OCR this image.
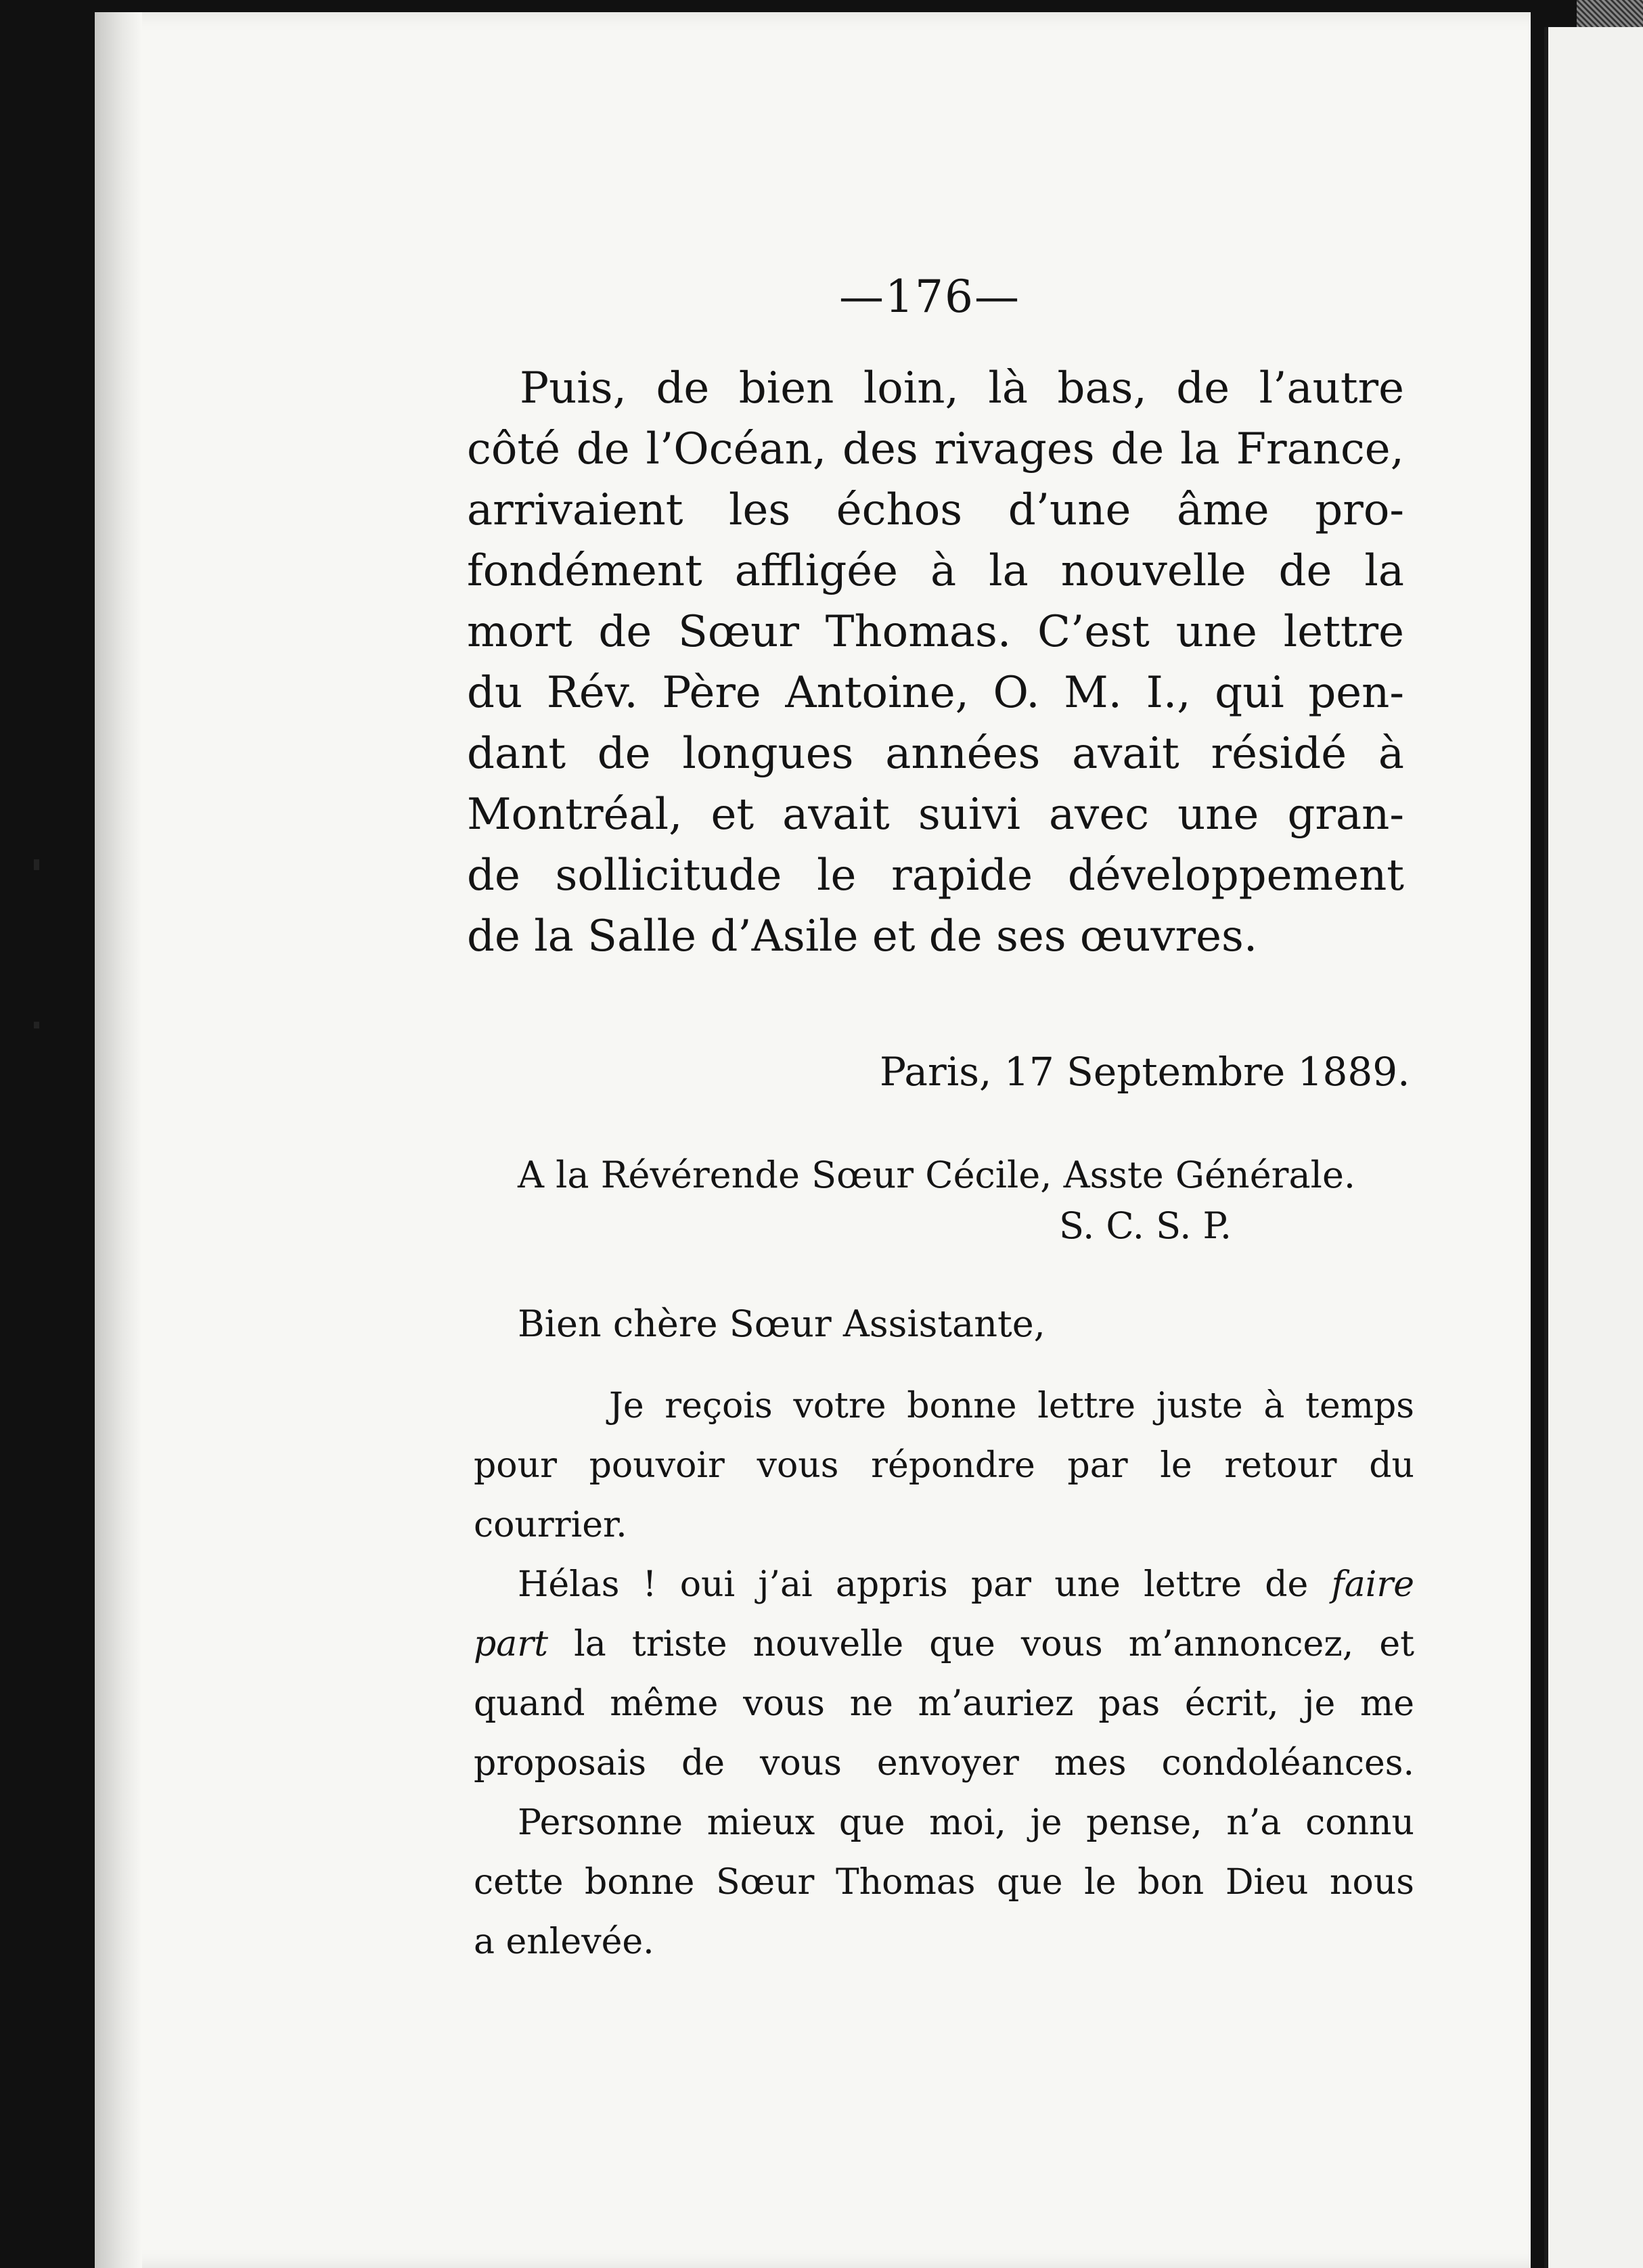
—176—
Puis, de bien loin, là bas, de l’autre
côté de l’Océan, des rivages de la France,
arrivaient les échos d’une âme pro-
fondément affligée à la nouvelle de la
mort de Sœur Thomas. C’est une lettre
du Rév. Père Antoine, O. M. I., qui pen-
dant de longues années avait résidé à
Montréal, et avait suivi avec une gran-
de sollicitude le rapide développement
de la Salle d’Asile et de ses œuvres.
Paris, 17 Septembre 1889.
A la Révérende Sœur Cécile, Asste Générale.
S. C. S. P.
Bien chère Sœur Assistante,
Je reçois votre bonne lettre juste à temps
pour pouvoir vous répondre par le retour du
courrier.
Hélas ! oui j’ai appris par une lettre de faire
part la triste nouvelle que vous m’annoncez, et
quand même vous ne m’auriez pas écrit, je me
proposais de vous envoyer mes condoléances.
Personne mieux que moi, je pense, n’a connu
cette bonne Sœur Thomas que le bon Dieu nous
a enlevée.
